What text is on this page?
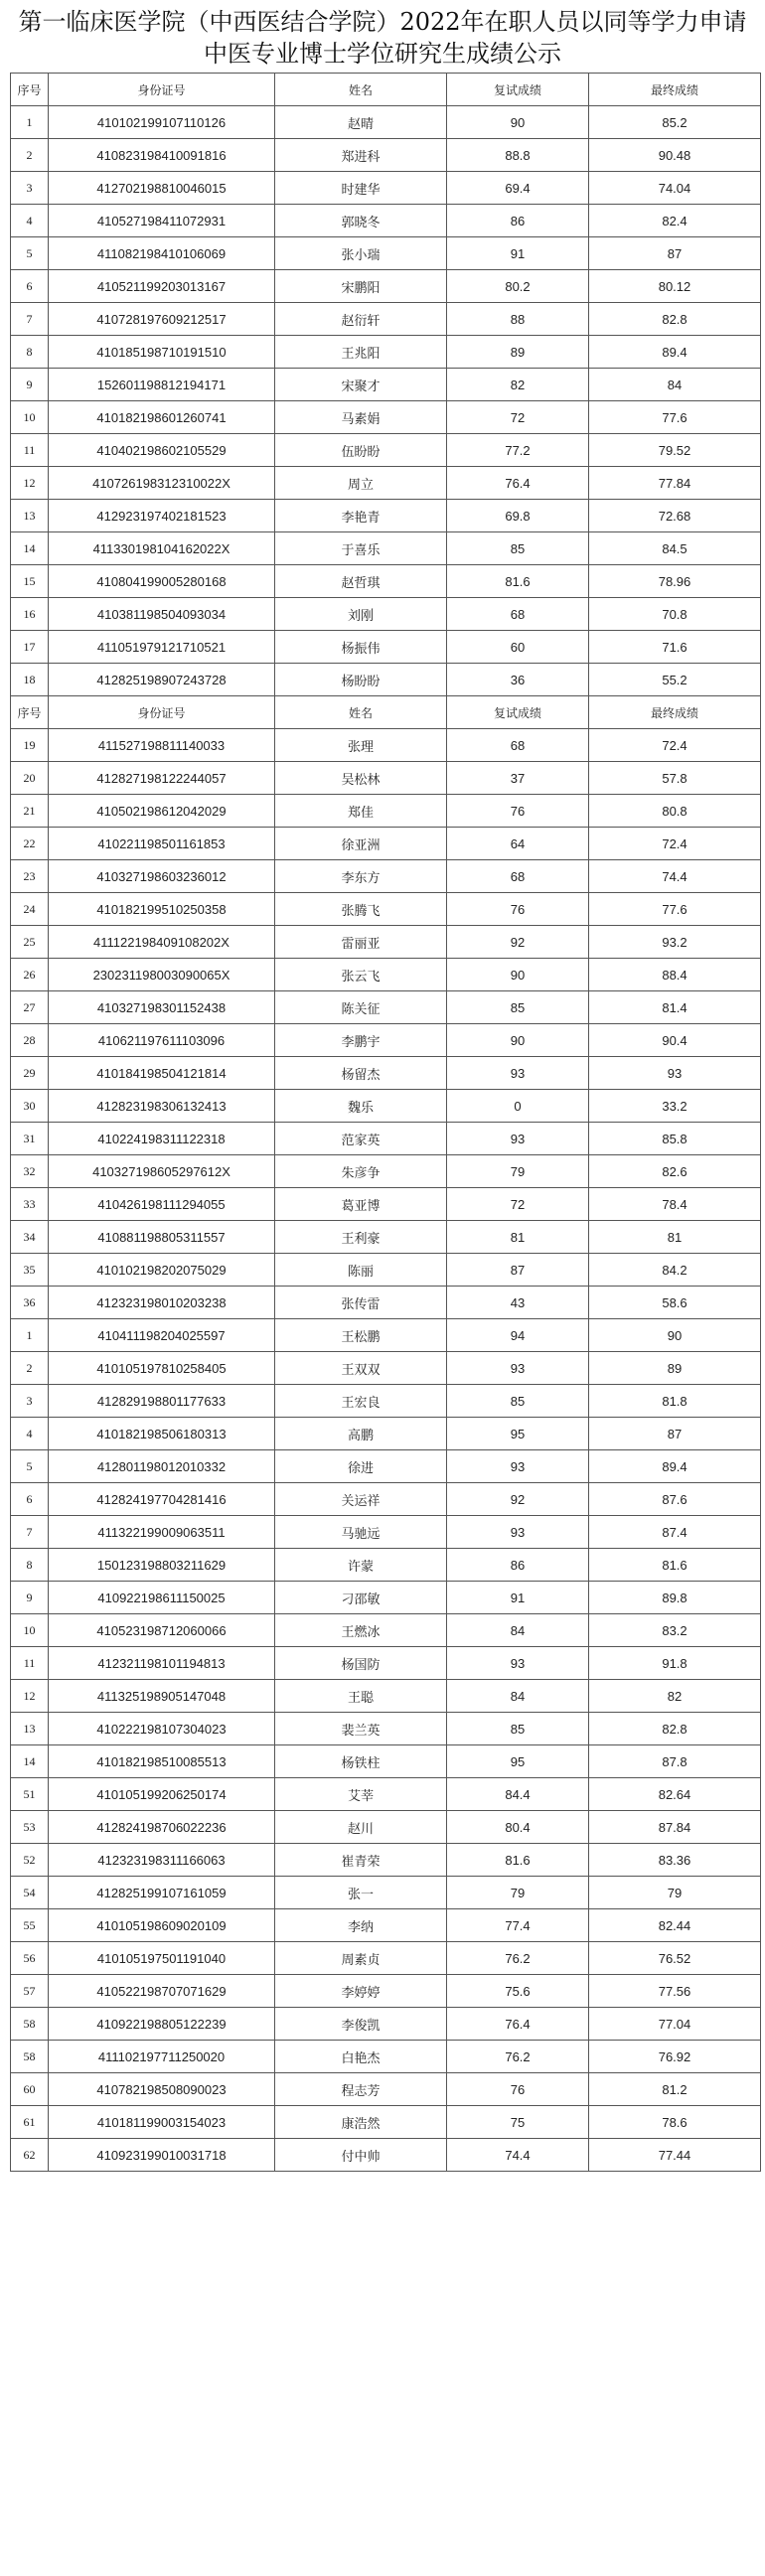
第一临床医学院（中西医结合学院）2022年在职人员以同等学力申请
中医专业博士学位研究生成绩公示
序号	身份证号	姓名	复试成绩	最终成绩
1	410102199107110126	赵晴	90	85.2
2	410823198410091816	郑进科	88.8	90.48
3	412702198810046015	时建华	69.4	74.04
4	410527198411072931	郭晓冬	86	82.4
5	411082198410106069	张小瑞	91	87
6	410521199203013167	宋鹏阳	80.2	80.12
7	410728197609212517	赵衍轩	88	82.8
8	410185198710191510	王兆阳	89	89.4
9	152601198812194171	宋聚才	82	84
10	410182198601260741	马素娟	72	77.6
11	410402198602105529	伍盼盼	77.2	79.52
12	410726198312310022X	周立	76.4	77.84
13	412923197402181523	李艳青	69.8	72.68
14	411330198104162022X	于喜乐	85	84.5
15	410804199005280168	赵哲琪	81.6	78.96
16	410381198504093034	刘刚	68	70.8
17	411051979121710521	杨振伟	60	71.6
18	412825198907243728	杨盼盼	36	55.2
序号	身份证号	姓名	复试成绩	最终成绩
19	411527198811140033	张理	68	72.4
20	412827198122244057	吴松林	37	57.8
21	410502198612042029	郑佳	76	80.8
22	410221198501161853	徐亚洲	64	72.4
23	410327198603236012	李东方	68	74.4
24	410182199510250358	张腾飞	76	77.6
25	411122198409108202X	雷丽亚	92	93.2
26	230231198003090065X	张云飞	90	88.4
27	410327198301152438	陈关征	85	81.4
28	410621197611103096	李鹏宇	90	90.4
29	410184198504121814	杨留杰	93	93
30	412823198306132413	魏乐	0	33.2
31	410224198311122318	范家英	93	85.8
32	410327198605297612X	朱彦争	79	82.6
33	410426198111294055	葛亚博	72	78.4
34	410881198805311557	王利豪	81	81
35	410102198202075029	陈丽	87	84.2
36	412323198010203238	张传雷	43	58.6
1	410411198204025597	王松鹏	94	90
2	410105197810258405	王双双	93	89
3	412829198801177633	王宏良	85	81.8
4	410182198506180313	高鹏	95	87
5	412801198012010332	徐进	93	89.4
6	412824197704281416	关运祥	92	87.6
7	411322199009063511	马驰远	93	87.4
8	150123198803211629	许蒙	86	81.6
9	410922198611150025	刁邵敏	91	89.8
10	410523198712060066	王燃冰	84	83.2
11	412321198101194813	杨国防	93	91.8
12	411325198905147048	王聪	84	82
13	410222198107304023	裴兰英	85	82.8
14	410182198510085513	杨铁柱	95	87.8
51	410105199206250174	艾莘	84.4	82.64
53	412824198706022236	赵川	80.4	87.84
52	412323198311166063	崔青荣	81.6	83.36
54	412825199107161059	张一	79	79
55	410105198609020109	李纳	77.4	82.44
56	410105197501191040	周素贞	76.2	76.52
57	410522198707071629	李婷婷	75.6	77.56
58	410922198805122239	李俊凯	76.4	77.04
58	411102197711250020	白艳杰	76.2	76.92
60	410782198508090023	程志芳	76	81.2
61	410181199003154023	康浩然	75	78.6
62	410923199010031718	付中帅	74.4	77.44
